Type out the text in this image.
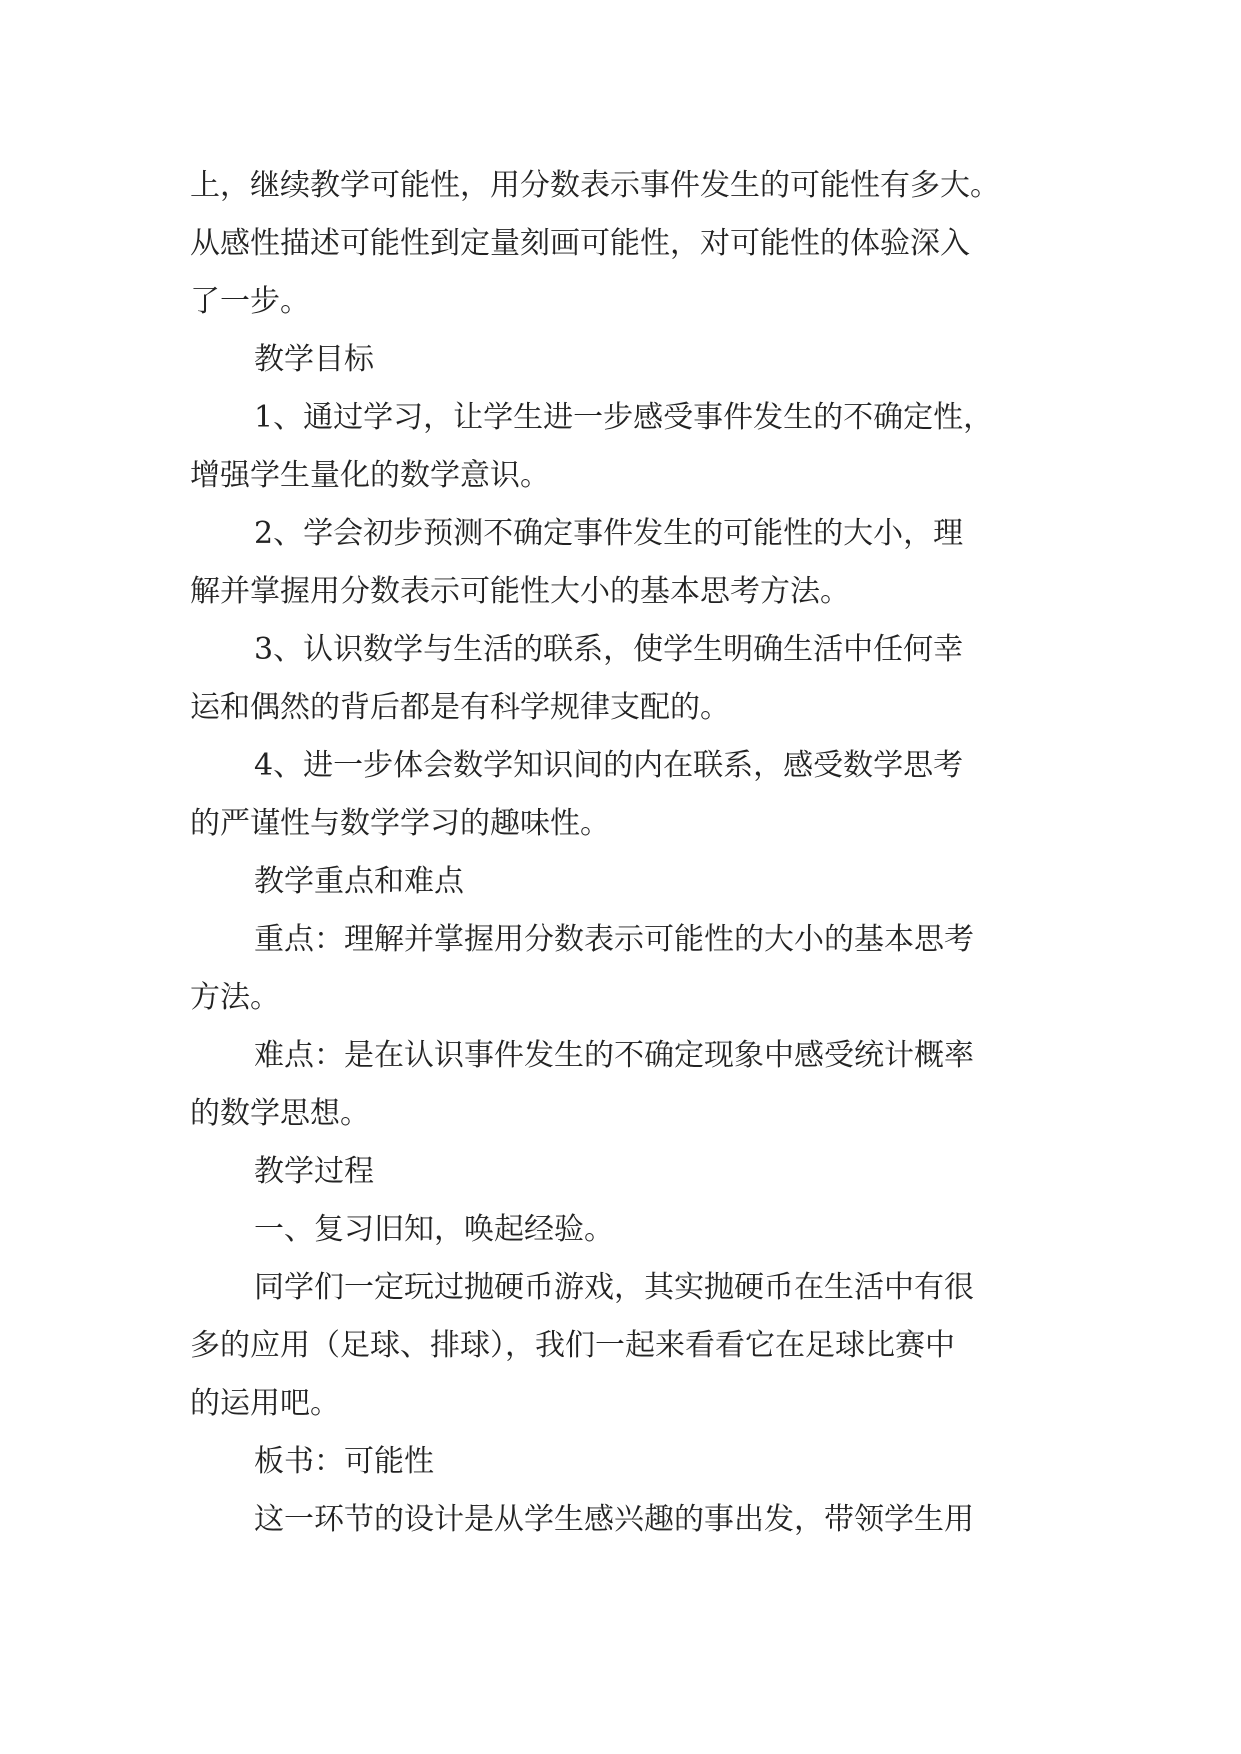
上，继续教学可能性，用分数表示事件发生的可能性有多大。
从感性描述可能性到定量刻画可能性，对可能性的体验深入
了一步。
教学目标
1、通过学习，让学生进一步感受事件发生的不确定性，
增强学生量化的数学意识。
2、学会初步预测不确定事件发生的可能性的大小，理
解并掌握用分数表示可能性大小的基本思考方法。
3、认识数学与生活的联系，使学生明确生活中任何幸
运和偶然的背后都是有科学规律支配的。
4、进一步体会数学知识间的内在联系，感受数学思考
的严谨性与数学学习的趣味性。
教学重点和难点
重点：理解并掌握用分数表示可能性的大小的基本思考
方法。
难点：是在认识事件发生的不确定现象中感受统计概率
的数学思想。
教学过程
一、复习旧知，唤起经验。
同学们一定玩过抛硬币游戏，其实抛硬币在生活中有很
多的应用（足球、排球），我们一起来看看它在足球比赛中
的运用吧。
板书：可能性
这一环节的设计是从学生感兴趣的事出发，带领学生用
